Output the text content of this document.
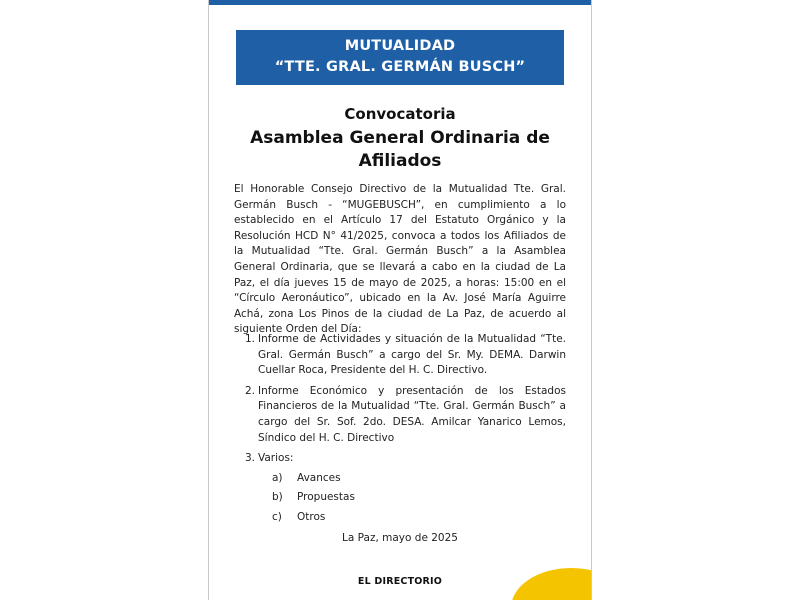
MUTUALIDAD
“TTE. GRAL. GERMÁN BUSCH”
Convocatoria
Asamblea General Ordinaria de
Afiliados
El Honorable Consejo Directivo de la Mutualidad Tte. Gral. Germán Busch - “MUGEBUSCH”, en cumplimiento a lo establecido en el Artículo 17 del Estatuto Orgánico y la Resolución HCD N° 41/2025, convoca a todos los Afiliados de la Mutualidad “Tte. Gral. Germán Busch” a la Asamblea General Ordinaria, que se llevará a cabo en la ciudad de La Paz, el día jueves 15 de mayo de 2025, a horas: 15:00 en el “Círculo Aeronáutico”, ubicado en la Av. José María Aguirre Achá, zona Los Pinos de la ciudad de La Paz, de acuerdo al siguiente Orden del Día:
1. Informe de Actividades y situación de la Mutualidad “Tte. Gral. Germán Busch” a cargo del Sr. My. DEMA. Darwin Cuellar Roca, Presidente del H. C. Directivo.
2. Informe Económico y presentación de los Estados Financieros de la Mutualidad “Tte. Gral. Germán Busch” a cargo del Sr. Sof. 2do. DESA. Amilcar Yanarico Lemos, Síndico del H. C. Directivo
3. Varios:
a) Avances
b) Propuestas
c) Otros
La Paz, mayo de 2025
EL DIRECTORIO
